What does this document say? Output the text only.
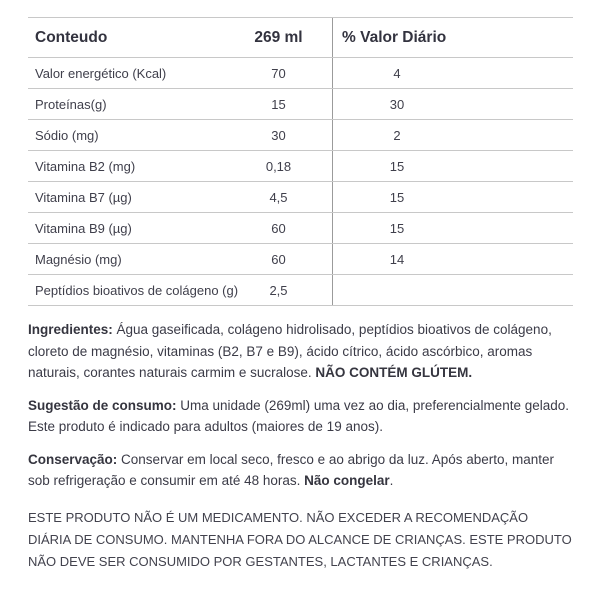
Conteudo	269 ml	% Valor Diário
Valor energético (Kcal)	70	4
Proteínas(g)	15	30
Sódio (mg)	30	2
Vitamina B2 (mg)	0,18	15
Vitamina B7 (µg)	4,5	15
Vitamina B9 (µg)	60	15
Magnésio (mg)	60	14
Peptídios bioativos de colágeno (g)	2,5

Ingredientes: Água gaseificada, colágeno hidrolisado, peptídios bioativos de colágeno, cloreto de magnésio, vitaminas (B2, B7 e B9), ácido cítrico, ácido ascórbico, aromas naturais, corantes naturais carmim e sucralose. NÃO CONTÉM GLÚTEM.

Sugestão de consumo: Uma unidade (269ml) uma vez ao dia, preferencialmente gelado. Este produto é indicado para adultos (maiores de 19 anos).

Conservação: Conservar em local seco, fresco e ao abrigo da luz. Após aberto, manter sob refrigeração e consumir em até 48 horas. Não congelar.

ESTE PRODUTO NÃO É UM MEDICAMENTO. NÃO EXCEDER A RECOMENDAÇÃO DIÁRIA DE CONSUMO. MANTENHA FORA DO ALCANCE DE CRIANÇAS. ESTE PRODUTO NÃO DEVE SER CONSUMIDO POR GESTANTES, LACTANTES E CRIANÇAS.
